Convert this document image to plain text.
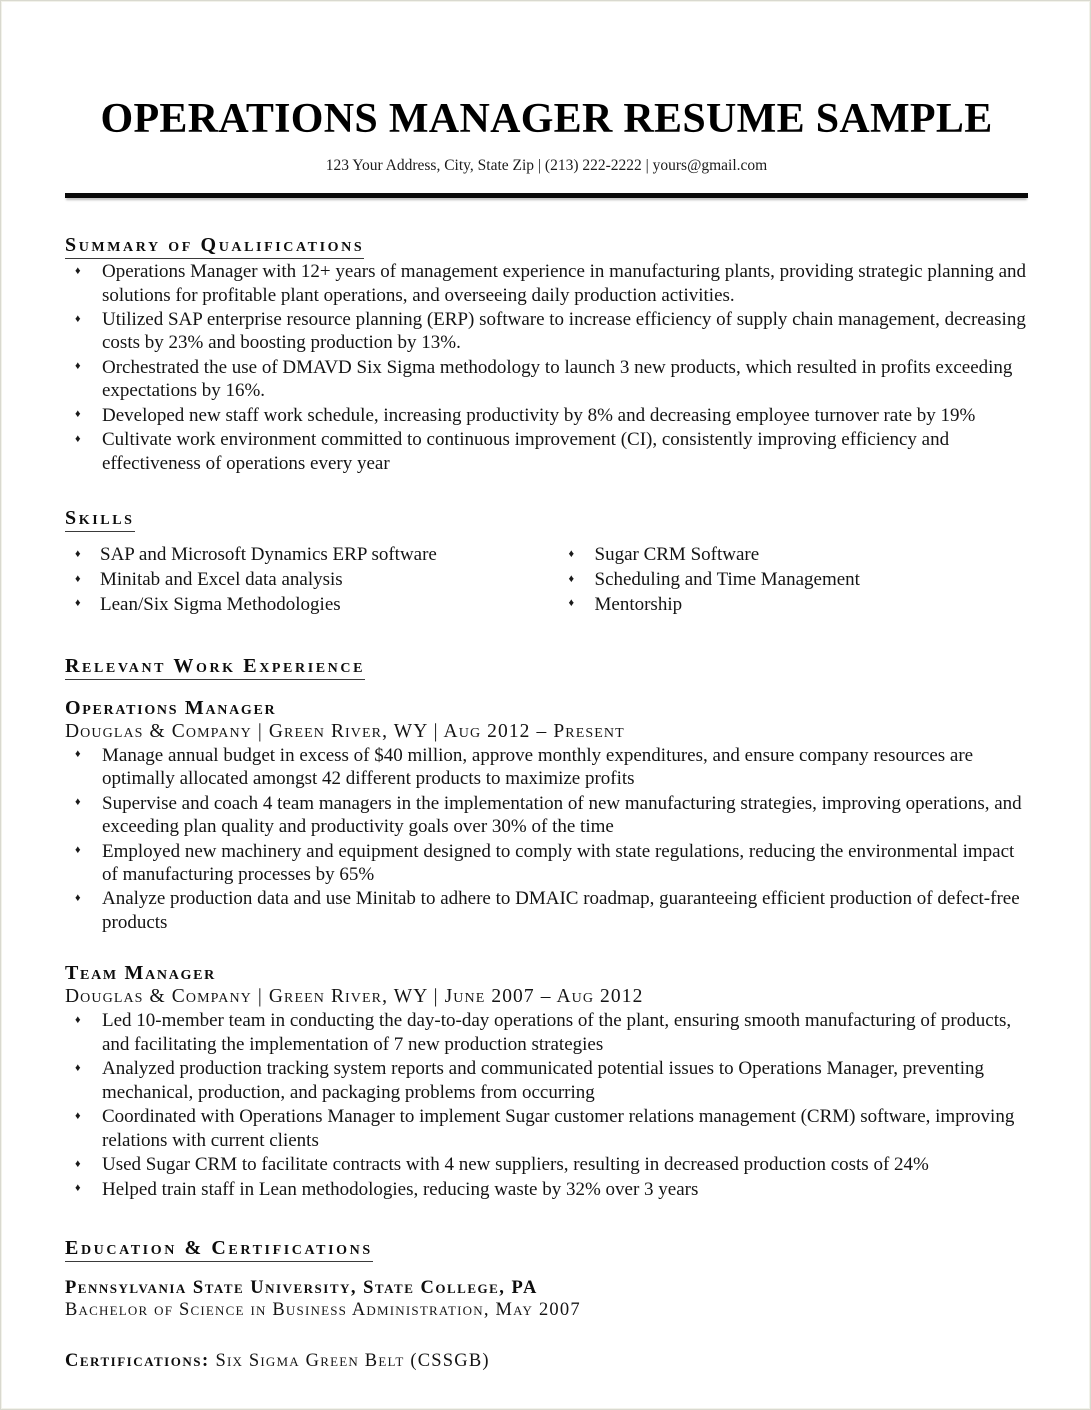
OPERATIONS MANAGER RESUME SAMPLE

123 Your Address, City, State Zip | (213) 222-2222 | yours@gmail.com

Summary of Qualifications
♦ Operations Manager with 12+ years of management experience in manufacturing plants, providing strategic planning and solutions for profitable plant operations, and overseeing daily production activities.
♦ Utilized SAP enterprise resource planning (ERP) software to increase efficiency of supply chain management, decreasing costs by 23% and boosting production by 13%.
♦ Orchestrated the use of DMAVD Six Sigma methodology to launch 3 new products, which resulted in profits exceeding expectations by 16%.
♦ Developed new staff work schedule, increasing productivity by 8% and decreasing employee turnover rate by 19%
♦ Cultivate work environment committed to continuous improvement (CI), consistently improving efficiency and effectiveness of operations every year
Skills
♦ SAP and Microsoft Dynamics ERP software
♦ Minitab and Excel data analysis
♦ Lean/Six Sigma Methodologies
♦ Sugar CRM Software
♦ Scheduling and Time Management
♦ Mentorship
Relevant Work Experience
Operations Manager

Douglas & Company | Green River, WY | Aug 2012 – Present

♦ Manage annual budget in excess of $40 million, approve monthly expenditures, and ensure company resources are optimally allocated amongst 42 different products to maximize profits
♦ Supervise and coach 4 team managers in the implementation of new manufacturing strategies, improving operations, and exceeding plan quality and productivity goals over 30% of the time
♦ Employed new machinery and equipment designed to comply with state regulations, reducing the environmental impact of manufacturing processes by 65%
♦ Analyze production data and use Minitab to adhere to DMAIC roadmap, guaranteeing efficient production of defect-free products
Team Manager

Douglas & Company | Green River, WY | June 2007 – Aug 2012

♦ Led 10-member team in conducting the day-to-day operations of the plant, ensuring smooth manufacturing of products, and facilitating the implementation of 7 new production strategies
♦ Analyzed production tracking system reports and communicated potential issues to Operations Manager, preventing mechanical, production, and packaging problems from occurring
♦ Coordinated with Operations Manager to implement Sugar customer relations management (CRM) software, improving relations with current clients
♦ Used Sugar CRM to facilitate contracts with 4 new suppliers, resulting in decreased production costs of 24%
♦ Helped train staff in Lean methodologies, reducing waste by 32% over 3 years
Education & Certifications

Pennsylvania State University, State College, PA

Bachelor of Science in Business Administration, May 2007

Certifications: Six Sigma Green Belt (CSSGB)
